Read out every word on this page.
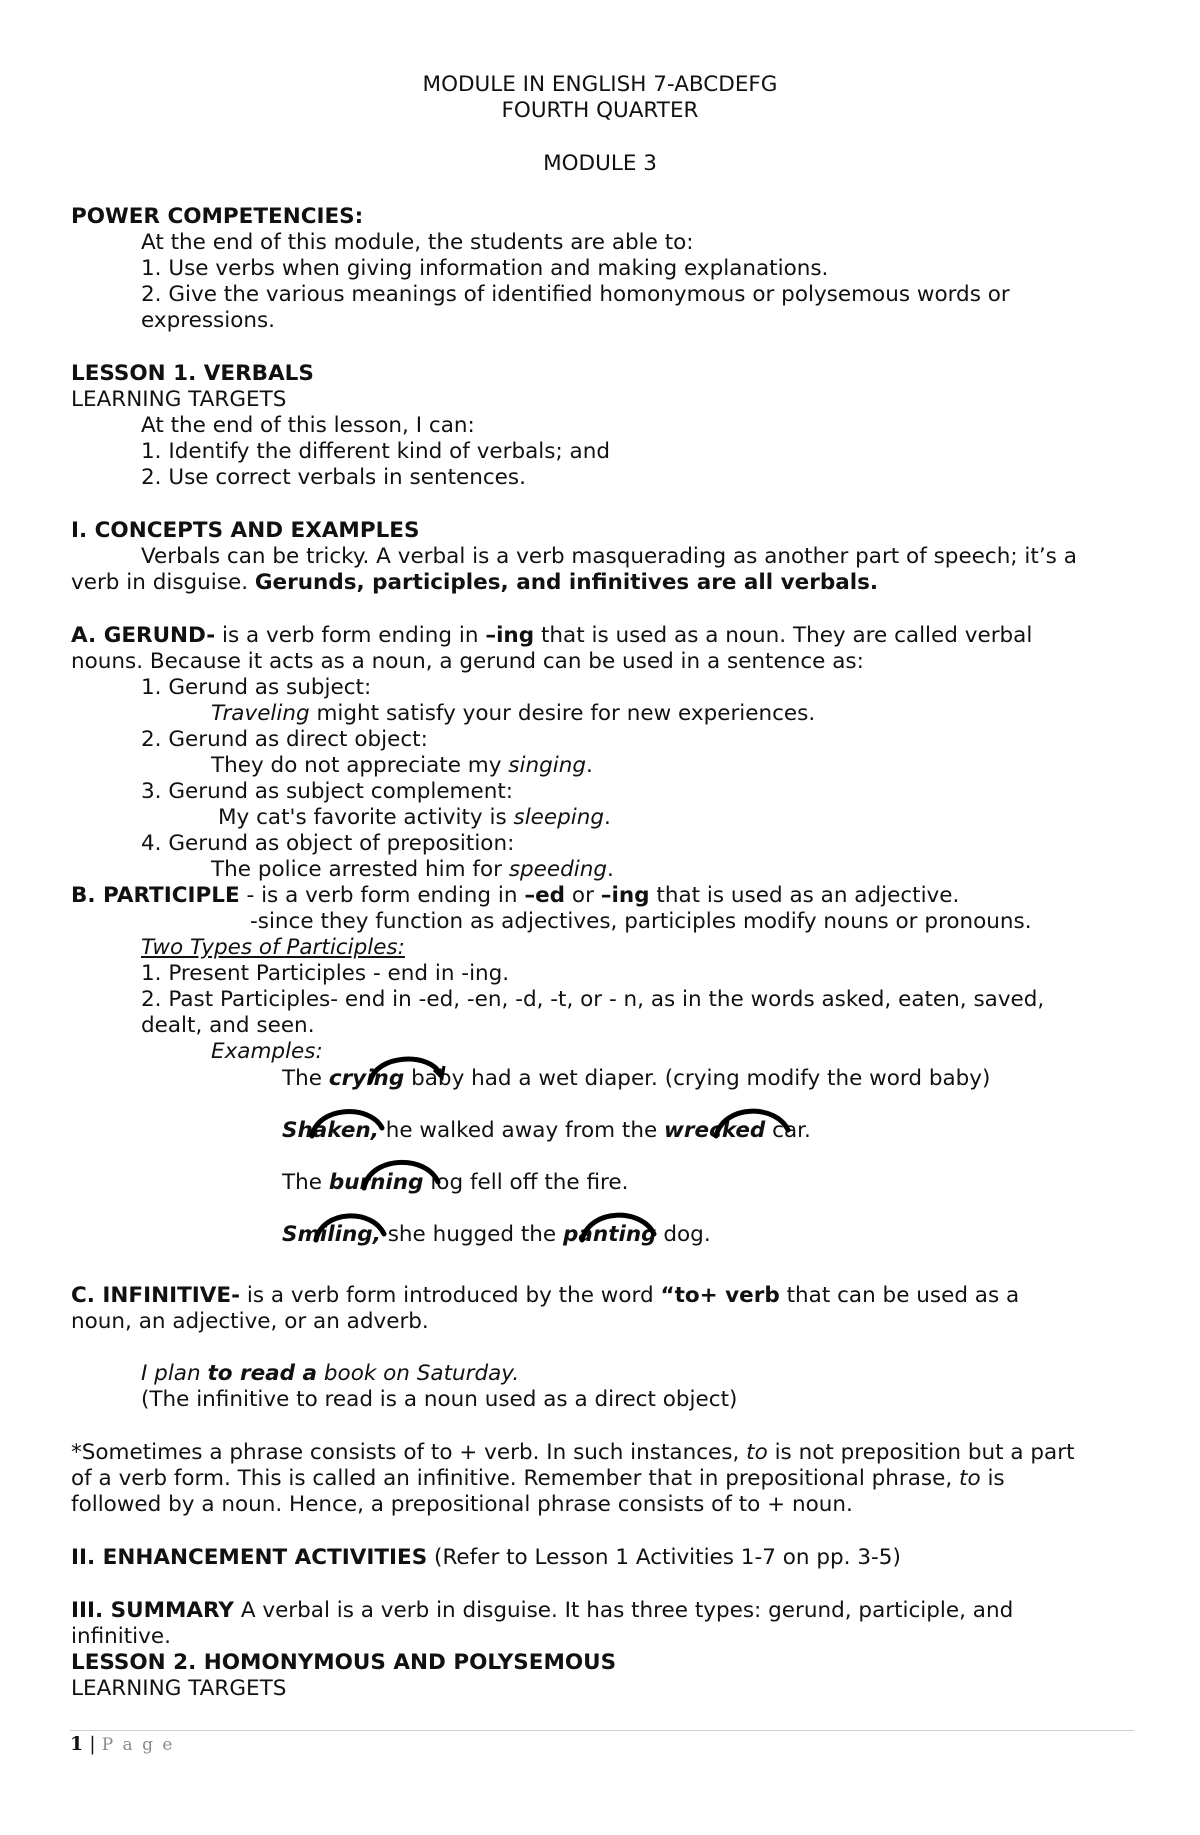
MODULE IN ENGLISH 7-ABCDEFG
FOURTH QUARTER
MODULE 3
POWER COMPETENCIES:
At the end of this module, the students are able to:
1. Use verbs when giving information and making explanations.
2. Give the various meanings of identified homonymous or polysemous words or
expressions.
LESSON 1. VERBALS
LEARNING TARGETS
At the end of this lesson, I can:
1. Identify the different kind of verbals; and
2. Use correct verbals in sentences.
I. CONCEPTS AND EXAMPLES
Verbals can be tricky. A verbal is a verb masquerading as another part of speech; it’s a
verb in disguise. Gerunds, participles, and infinitives are all verbals.
A. GERUND- is a verb form ending in –ing that is used as a noun. They are called verbal
nouns. Because it acts as a noun, a gerund can be used in a sentence as:
1. Gerund as subject:
Traveling might satisfy your desire for new experiences.
2. Gerund as direct object:
They do not appreciate my singing.
3. Gerund as subject complement:
My cat's favorite activity is sleeping.
4. Gerund as object of preposition:
The police arrested him for speeding.
B. PARTICIPLE - is a verb form ending in –ed or –ing that is used as an adjective.
-since they function as adjectives, participles modify nouns or pronouns.
Two Types of Participles:
1. Present Participles - end in -ing.
2. Past Participles- end in -ed, -en, -d, -t, or - n, as in the words asked, eaten, saved,
dealt, and seen.
Examples:
The crying baby had a wet diaper. (crying modify the word baby)
Shaken, he walked away from the wrecked car.
The burning log fell off the fire.
Smiling, she hugged the panting dog.
C. INFINITIVE- is a verb form introduced by the word “to+ verb that can be used as a
noun, an adjective, or an adverb.
I plan to read a book on Saturday.
(The infinitive to read is a noun used as a direct object)
*Sometimes a phrase consists of to + verb. In such instances, to is not preposition but a part
of a verb form. This is called an infinitive. Remember that in prepositional phrase, to is
followed by a noun. Hence, a prepositional phrase consists of to + noun.
II. ENHANCEMENT ACTIVITIES (Refer to Lesson 1 Activities 1-7 on pp. 3-5)
III. SUMMARY A verbal is a verb in disguise. It has three types: gerund, participle, and
infinitive.
LESSON 2. HOMONYMOUS AND POLYSEMOUS
LEARNING TARGETS
1 | P a g e
